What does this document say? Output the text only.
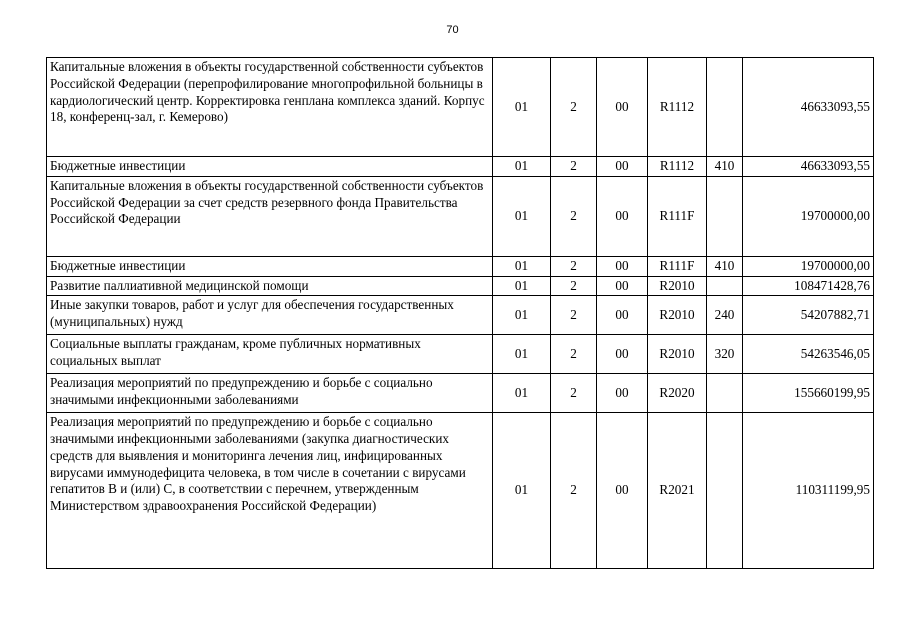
70
Капитальные вложения в объекты государственной собственности субъектов Российской Федерации (перепрофилирование многопрофильной больницы в кардиологический центр. Корректировка генплана комплекса зданий. Корпус 18, конференц-зал, г. Кемерово)	01	2	00	R1112		46633093,55
Бюджетные инвестиции	01	2	00	R1112	410	46633093,55
Капитальные вложения в объекты государственной собственности субъектов Российской Федерации за счет средств резервного фонда Правительства Российской Федерации	01	2	00	R111F		19700000,00
Бюджетные инвестиции	01	2	00	R111F	410	19700000,00
Развитие паллиативной медицинской помощи	01	2	00	R2010		108471428,76
Иные закупки товаров, работ и услуг для обеспечения государственных (муниципальных) нужд	01	2	00	R2010	240	54207882,71
Социальные выплаты гражданам, кроме публичных нормативных социальных выплат	01	2	00	R2010	320	54263546,05
Реализация мероприятий по предупреждению и борьбе с социально значимыми инфекционными заболеваниями	01	2	00	R2020		155660199,95
Реализация мероприятий по предупреждению и борьбе с социально значимыми инфекционными заболеваниями (закупка диагностических средств для выявления и мониторинга лечения лиц, инфицированных вирусами иммунодефицита человека, в том числе в сочетании с вирусами гепатитов В и (или) С, в соответствии с перечнем, утвержденным Министерством здравоохранения Российской Федерации)	01	2	00	R2021		110311199,95
